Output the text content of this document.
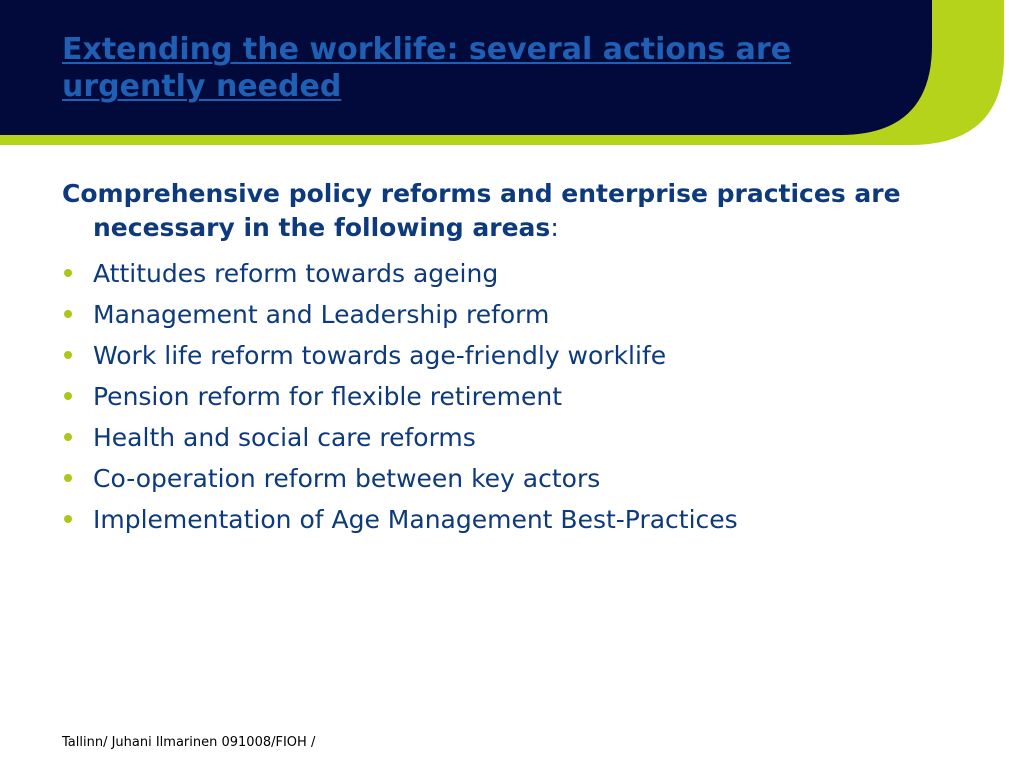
Extending the worklife: several actions are urgently needed

Comprehensive policy reforms and enterprise practices are necessary in the following areas:

Attitudes reform towards ageing
Management and Leadership reform
Work life reform towards age-friendly worklife
Pension reform for flexible retirement
Health and social care reforms
Co-operation reform between key actors
Implementation of Age Management Best-Practices
Tallinn/ Juhani Ilmarinen 091008/FIOH /
